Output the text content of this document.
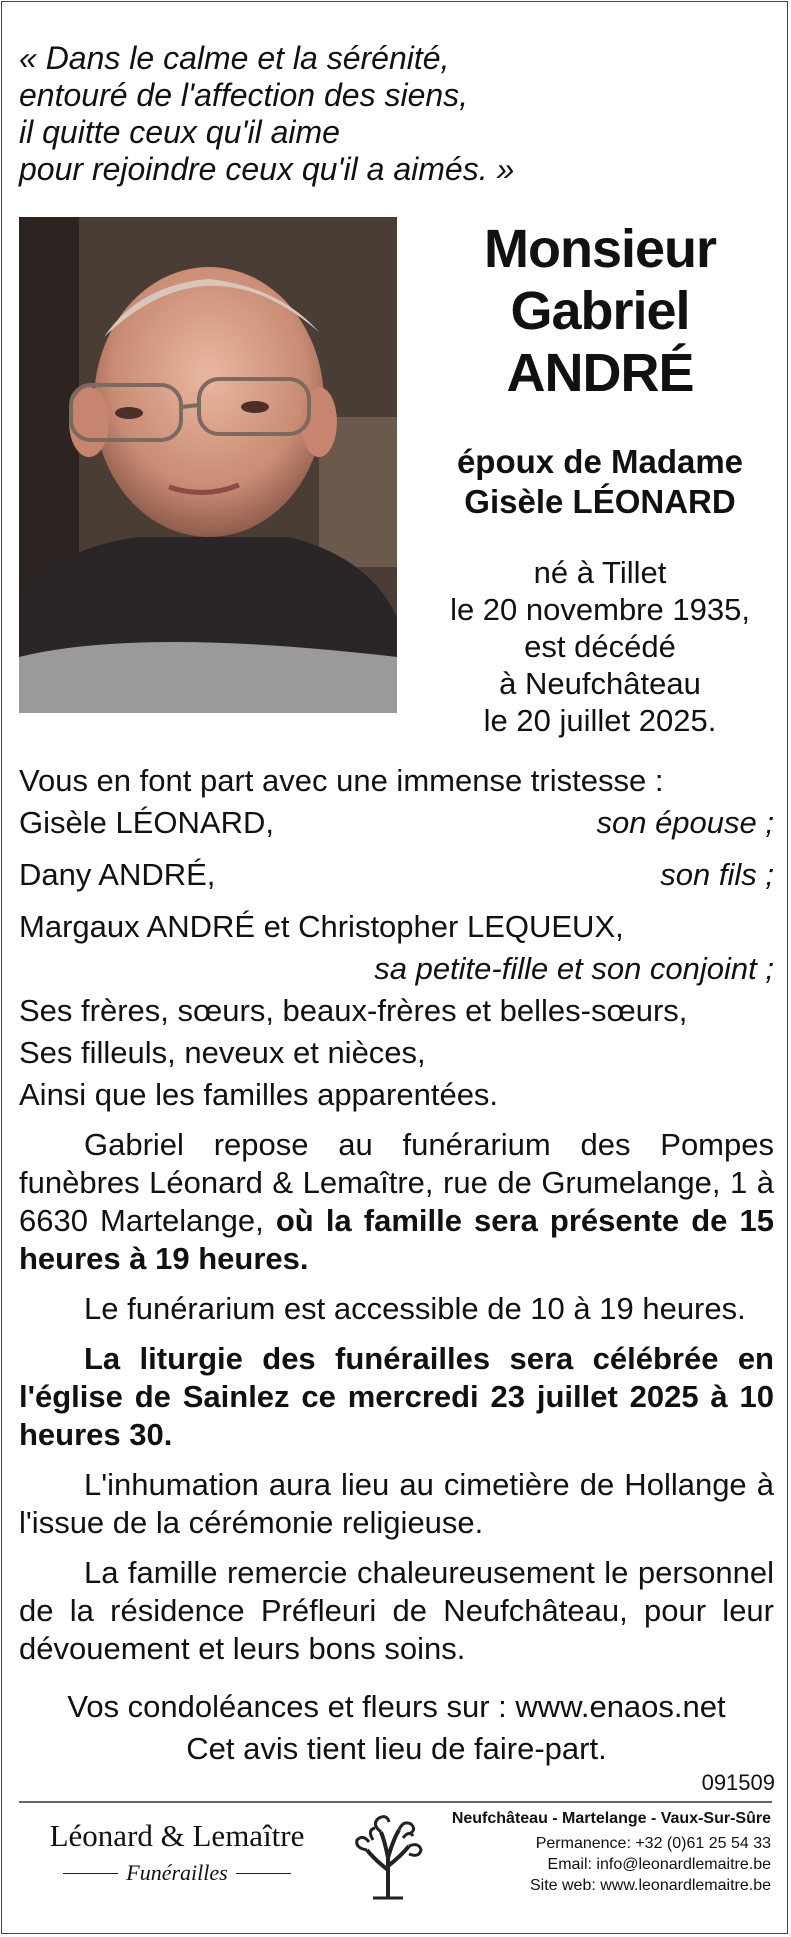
« Dans le calme et la sérénité,
entouré de l'affection des siens,
il quitte ceux qu'il aime
pour rejoindre ceux qu'il a aimés. »
Monsieur
Gabriel
ANDRÉ
époux de Madame
Gisèle LÉONARD
né à Tillet
le 20 novembre 1935,
est décédé
à Neufchâteau
le 20 juillet 2025.
Vous en font part avec une immense tristesse :
Gisèle LÉONARD,	son épouse ;
Dany ANDRÉ,	son fils ;
Margaux ANDRÉ et Christopher LEQUEUX,
sa petite-fille et son conjoint ;
Ses frères, sœurs, beaux-frères et belles-sœurs,
Ses filleuls, neveux et nièces,
Ainsi que les familles apparentées.
Gabriel repose au funérarium des Pompes funèbres Léonard & Lemaître, rue de Grumelange, 1 à 6630 Martelange, où la famille sera présente de 15 heures à 19 heures.
Le funérarium est accessible de 10 à 19 heures.
La liturgie des funérailles sera célébrée en l'église de Sainlez ce mercredi 23 juillet 2025 à 10 heures 30.
L'inhumation aura lieu au cimetière de Hollange à l'issue de la cérémonie religieuse.
La famille remercie chaleureusement le personnel de la résidence Préfleuri de Neufchâteau, pour leur dévouement et leurs bons soins.
Vos condoléances et fleurs sur : www.enaos.net
Cet avis tient lieu de faire-part.
091509
Léonard & Lemaître
Funérailles
Neufchâteau - Martelange - Vaux-Sur-Sûre
Permanence: +32 (0)61 25 54 33
Email: info@leonardlemaitre.be
Site web: www.leonardlemaitre.be
